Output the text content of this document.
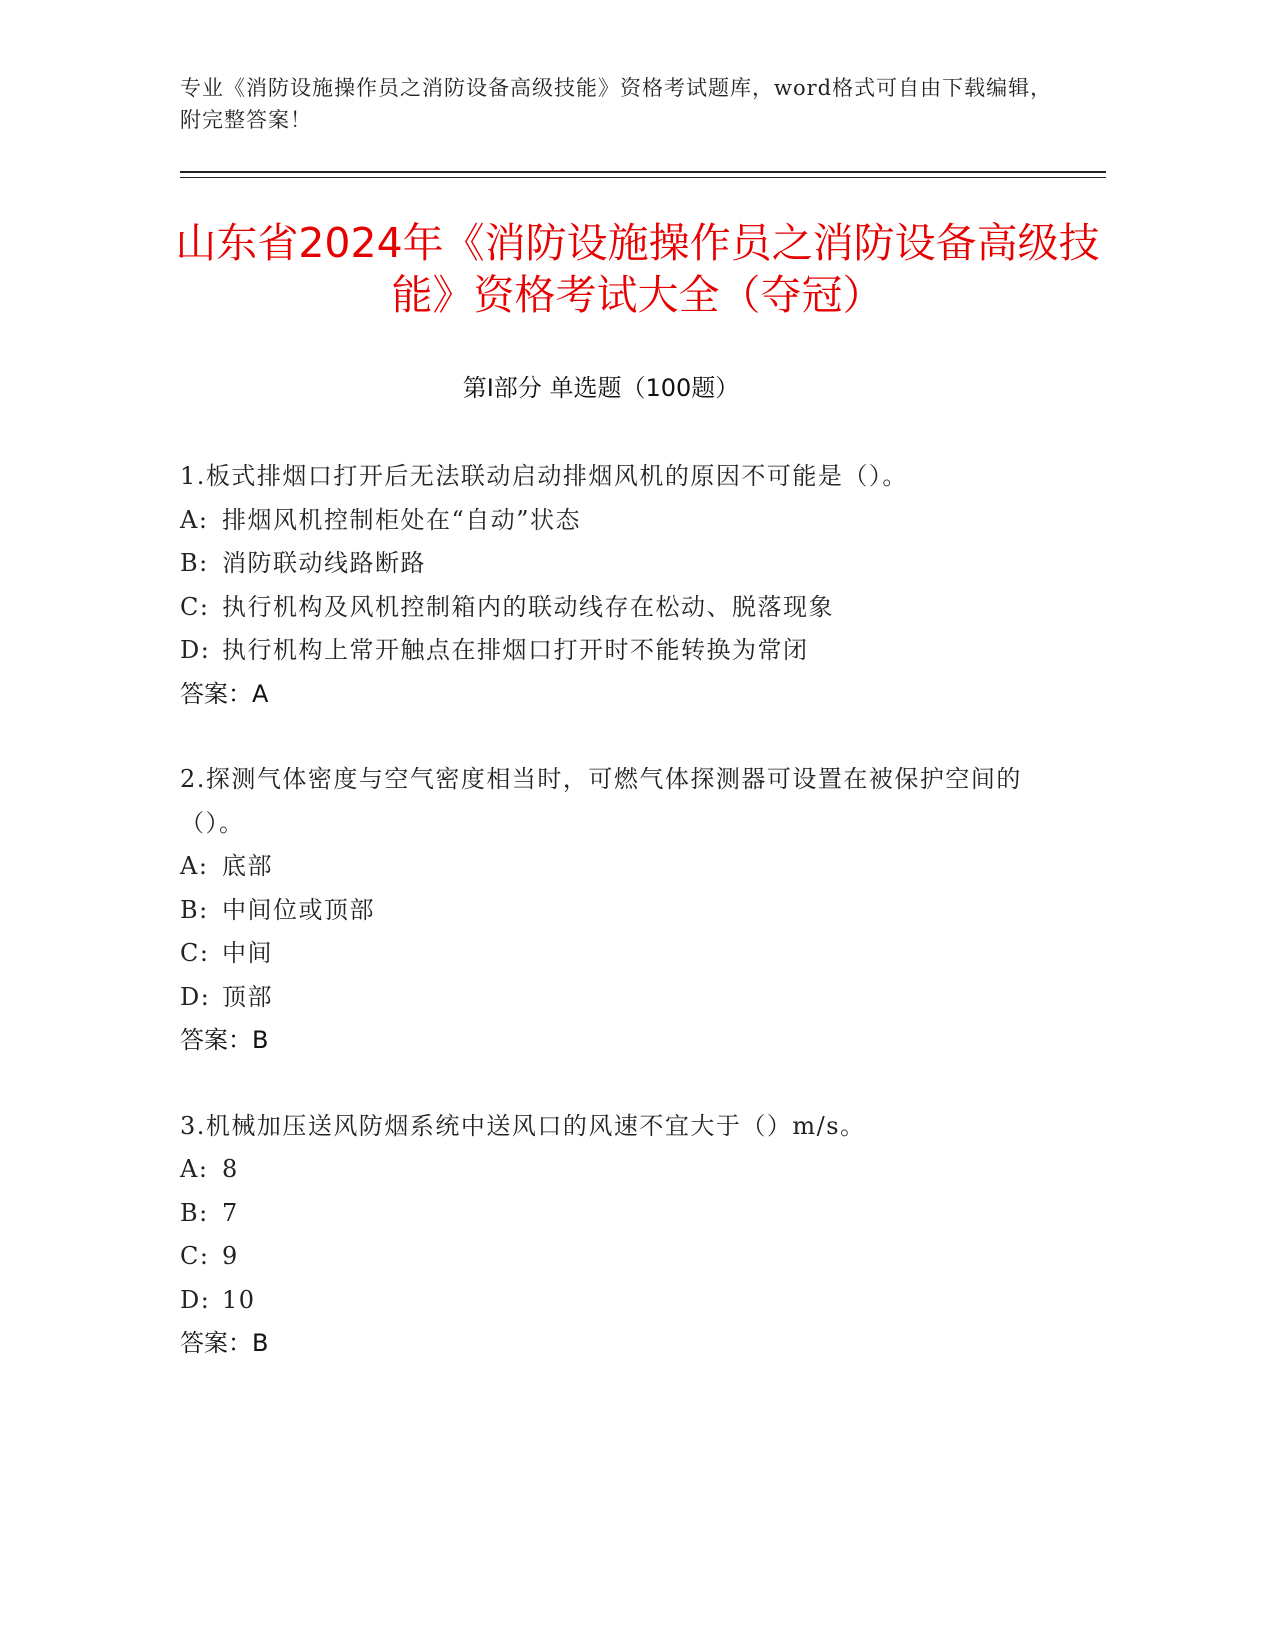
专业《消防设施操作员之消防设备高级技能》资格考试题库，word格式可自由下载编辑，附完整答案！
山东省2024年《消防设施操作员之消防设备高级技能》资格考试大全（夺冠）
第Ⅰ部分 单选题（100题）
1.板式排烟口打开后无法联动启动排烟风机的原因不可能是（）。
A: 排烟风机控制柜处在“自动”状态
B: 消防联动线路断路
C: 执行机构及风机控制箱内的联动线存在松动、脱落现象
D: 执行机构上常开触点在排烟口打开时不能转换为常闭
答案：A
2.探测气体密度与空气密度相当时，可燃气体探测器可设置在被保护空间的（）。
A: 底部
B: 中间位或顶部
C: 中间
D: 顶部
答案：B
3.机械加压送风防烟系统中送风口的风速不宜大于（）m/s。
A: 8
B: 7
C: 9
D: 10
答案：B
